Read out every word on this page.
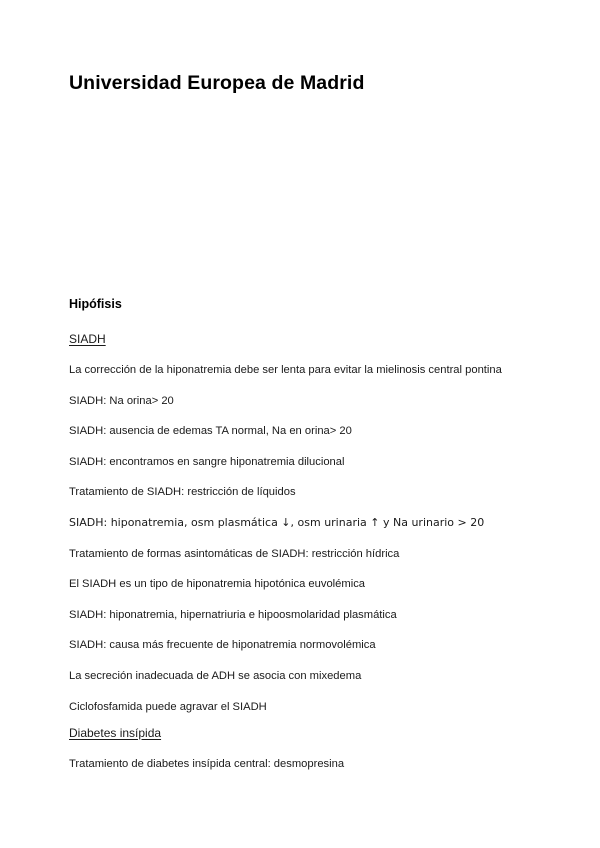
Universidad Europea de Madrid
Hipófisis
SIADH

La corrección de la hiponatremia debe ser lenta para evitar la mielinosis central pontina

SIADH: Na orina> 20

SIADH: ausencia de edemas TA normal, Na en orina> 20

SIADH: encontramos en sangre hiponatremia dilucional

Tratamiento de SIADH: restricción de líquidos

SIADH: hiponatremia, osm plasmática ↓, osm urinaria ↑ y Na urinario > 20

Tratamiento de formas asintomáticas de SIADH: restricción hídrica

El SIADH es un tipo de hiponatremia hipotónica euvolémica

SIADH: hiponatremia, hipernatriuria e hipoosmolaridad plasmática

SIADH: causa más frecuente de hiponatremia normovolémica

La secreción inadecuada de ADH se asocia con mixedema

Ciclofosfamida puede agravar el SIADH

Diabetes insípida

Tratamiento de diabetes insípida central: desmopresina
